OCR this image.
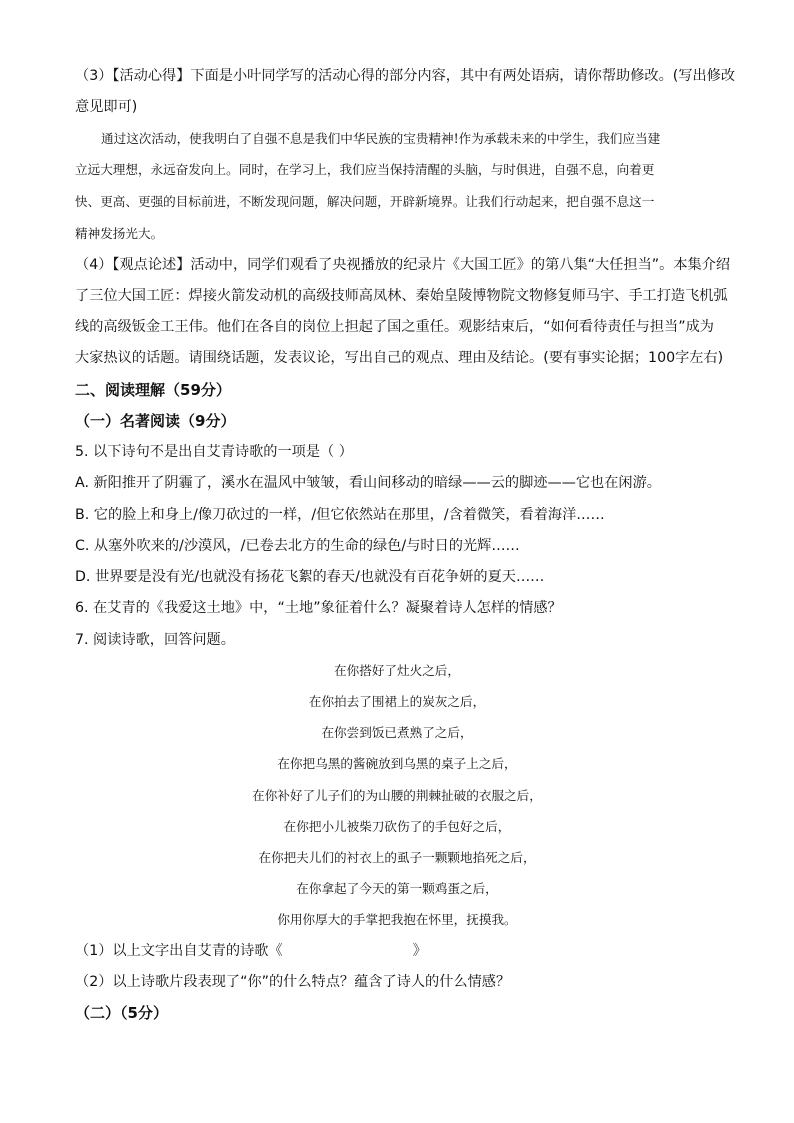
（3）【活动心得】下面是小叶同学写的活动心得的部分内容，其中有两处语病，请你帮助修改。(写出修改
意见即可)
通过这次活动，使我明白了自强不息是我们中华民族的宝贵精神!作为承载未来的中学生，我们应当建
立远大理想，永远奋发向上。同时，在学习上，我们应当保持清醒的头脑，与时俱进，自强不息，向着更
快、更高、更强的目标前进，不断发现问题，解决问题，开辟新境界。让我们行动起来，把自强不息这一
精神发扬光大。
（4）【观点论述】活动中，同学们观看了央视播放的纪录片《大国工匠》的第八集“大任担当”。本集介绍
了三位大国工匠：焊接火箭发动机的高级技师高凤林、秦始皇陵博物院文物修复师马宇、手工打造飞机弧
线的高级钣金工王伟。他们在各自的岗位上担起了国之重任。观影结束后，“如何看待责任与担当”成为
大家热议的话题。请围绕话题，发表议论，写出自己的观点、理由及结论。(要有事实论据；100字左右)
二、阅读理解（59分）
（一）名著阅读（9分）
5. 以下诗句不是出自艾青诗歌的一项是（ ）
A. 新阳推开了阴霾了，溪水在温风中皱皱，看山间移动的暗绿——云的脚迹——它也在闲游。
B. 它的脸上和身上/像刀砍过的一样，/但它依然站在那里，/含着微笑，看着海洋……
C. 从塞外吹来的/沙漠风，/已卷去北方的生命的绿色/与时日的光辉……
D. 世界要是没有光/也就没有扬花飞絮的春天/也就没有百花争妍的夏天……
6. 在艾青的《我爱这土地》中，“土地”象征着什么？凝聚着诗人怎样的情感？
7. 阅读诗歌，回答问题。
在你搭好了灶火之后，
在你拍去了围裙上的炭灰之后，
在你尝到饭已煮熟了之后，
在你把乌黑的酱碗放到乌黑的桌子上之后，
在你补好了儿子们的为山腰的荆棘扯破的衣服之后，
在你把小儿被柴刀砍伤了的手包好之后，
在你把夫儿们的衬衣上的虱子一颗颗地掐死之后，
在你拿起了今天的第一颗鸡蛋之后，
你用你厚大的手掌把我抱在怀里，抚摸我。
（1）以上文字出自艾青的诗歌《	》
（2）以上诗歌片段表现了“你”的什么特点？蕴含了诗人的什么情感？
（二）（5分）
